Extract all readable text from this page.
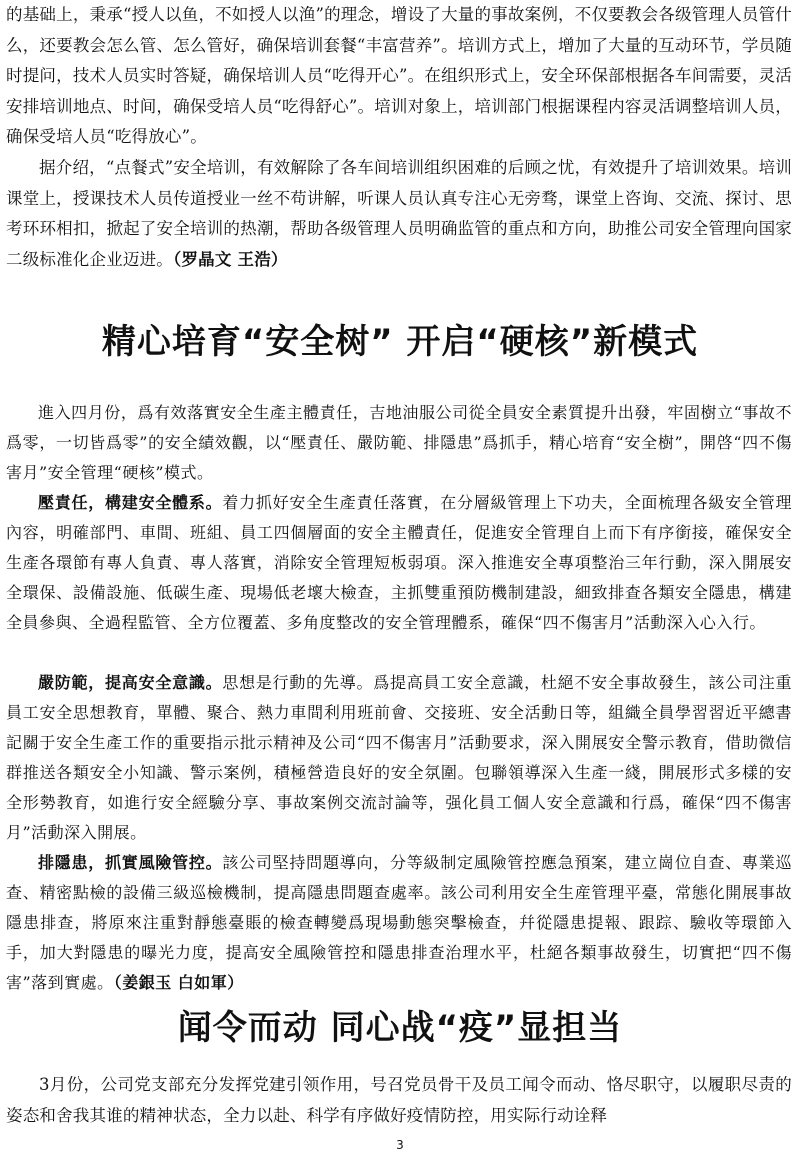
的基础上，秉承“授人以鱼，不如授人以渔”的理念，增设了大量的事故案例，不仅要教会各级管理人员管什么，还要教会怎么管、怎么管好，确保培训套餐“丰富营养”。培训方式上，增加了大量的互动环节，学员随时提问，技术人员实时答疑，确保培训人员“吃得开心”。在组织形式上，安全环保部根据各车间需要，灵活安排培训地点、时间，确保受培人员“吃得舒心”。培训对象上，培训部门根据课程内容灵活调整培训人员，确保受培人员“吃得放心”。

据介绍，“点餐式”安全培训，有效解除了各车间培训组织困难的后顾之忧，有效提升了培训效果。培训课堂上，授课技术人员传道授业一丝不苟讲解，听课人员认真专注心无旁骛，课堂上咨询、交流、探讨、思考环环相扣，掀起了安全培训的热潮，帮助各级管理人员明确监管的重点和方向，助推公司安全管理向国家二级标准化企业迈进。（罗晶文 王浩）

精心培育“安全树” 开启“硬核”新模式

進入四月份，爲有效落實安全生產主體責任，吉地油服公司從全員安全素質提升出發，牢固樹立“事故不爲零，一切皆爲零”的安全績效觀，以“壓責任、嚴防範、排隱患”爲抓手，精心培育“安全樹”，開啓“四不傷害月”安全管理“硬核”模式。

壓責任，構建安全體系。着力抓好安全生產責任落實，在分層級管理上下功夫，全面梳理各級安全管理內容，明確部門、車間、班組、員工四個層面的安全主體責任，促進安全管理自上而下有序銜接，確保安全生產各環節有專人負責、專人落實，消除安全管理短板弱項。深入推進安全專項整治三年行動，深入開展安全環保、設備設施、低碳生產、現場低老壞大檢查，主抓雙重預防機制建設，細致排查各類安全隱患，構建全員參與、全過程監管、全方位覆蓋、多角度整改的安全管理體系，確保“四不傷害月”活動深入心入行。

嚴防範，提高安全意識。思想是行動的先導。爲提高員工安全意識，杜絕不安全事故發生，該公司注重員工安全思想教育，單體、聚合、熱力車間利用班前會、交接班、安全活動日等，組織全員學習習近平總書記關于安全生產工作的重要指示批示精神及公司“四不傷害月”活動要求，深入開展安全警示教育，借助微信群推送各類安全小知識、警示案例，積極營造良好的安全氛圍。包聯領導深入生產一綫，開展形式多樣的安全形勢教育，如進行安全經驗分享、事故案例交流討論等，强化員工個人安全意識和行爲，確保“四不傷害月”活動深入開展。

排隱患，抓實風險管控。該公司堅持問題導向，分等級制定風險管控應急預案，建立崗位自查、專業巡查、精密點檢的設備三級巡檢機制，提高隱患問題查處率。該公司利用安全生産管理平臺，常態化開展事故隱患排查，將原來注重對靜態臺賬的檢查轉變爲現場動態突擊檢查，幷從隱患提報、跟踪、驗收等環節入手，加大對隱患的曝光力度，提高安全風險管控和隱患排查治理水平，杜絕各類事故發生，切實把“四不傷害”落到實處。（姜銀玉 白如軍）

闻令而动 同心战“疫”显担当

3月份，公司党支部充分发挥党建引领作用，号召党员骨干及员工闻令而动、恪尽职守，以履职尽责的姿态和舍我其谁的精神状态，全力以赴、科学有序做好疫情防控，用实际行动诠释

3
